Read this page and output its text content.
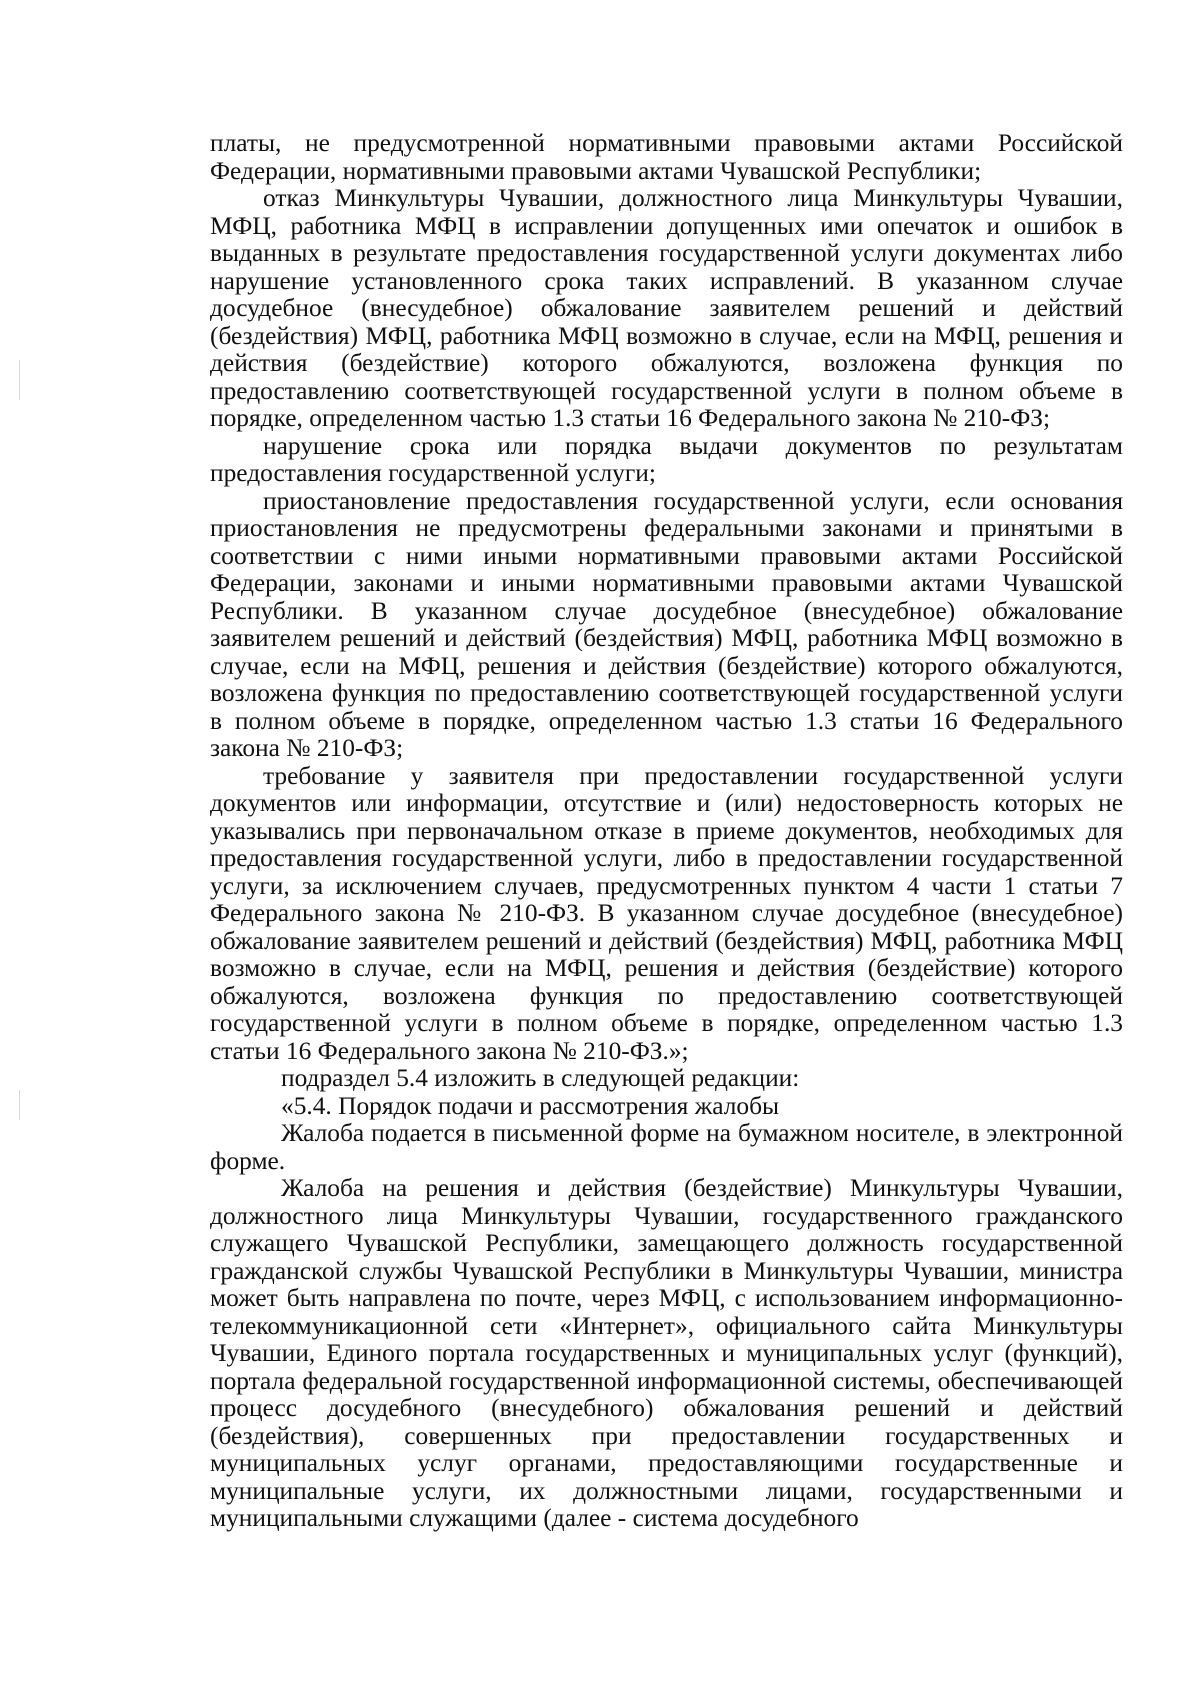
платы, не предусмотренной нормативными правовыми актами Российской Федерации, нормативными правовыми актами Чувашской Республики;

отказ Минкультуры Чувашии, должностного лица Минкультуры Чувашии, МФЦ, работника МФЦ в исправлении допущенных ими опечаток и ошибок в выданных в результате предоставления государственной услуги документах либо нарушение установленного срока таких исправлений. В указанном случае досудебное (внесудебное) обжалование заявителем решений и действий (бездействия) МФЦ, работника МФЦ возможно в случае, если на МФЦ, решения и действия (бездействие) которого обжалуются, возложена функция по предоставлению соответствующей государственной услуги в полном объеме в порядке, определенном частью 1.3 статьи 16 Федерального закона № 210-ФЗ;

нарушение срока или порядка выдачи документов по результатам предоставления государственной услуги;

приостановление предоставления государственной услуги, если основания приостановления не предусмотрены федеральными законами и принятыми в соответствии с ними иными нормативными правовыми актами Российской Федерации, законами и иными нормативными правовыми актами Чувашской Республики. В указанном случае досудебное (внесудебное) обжалование заявителем решений и действий (бездействия) МФЦ, работника МФЦ возможно в случае, если на МФЦ, решения и действия (бездействие) которого обжалуются, возложена функция по предоставлению соответствующей государственной услуги в полном объеме в порядке, определенном частью 1.3 статьи 16 Федерального закона № 210-ФЗ;

требование у заявителя при предоставлении государственной услуги документов или информации, отсутствие и (или) недостоверность которых не указывались при первоначальном отказе в приеме документов, необходимых для предоставления государственной услуги, либо в предоставлении государственной услуги, за исключением случаев, предусмотренных пунктом 4 части 1 статьи 7 Федерального закона № 210-ФЗ. В указанном случае досудебное (внесудебное) обжалование заявителем решений и действий (бездействия) МФЦ, работника МФЦ возможно в случае, если на МФЦ, решения и действия (бездействие) которого обжалуются, возложена функция по предоставлению соответствующей государственной услуги в полном объеме в порядке, определенном частью 1.3 статьи 16 Федерального закона № 210-ФЗ.»;

подраздел 5.4 изложить в следующей редакции:

«5.4. Порядок подачи и рассмотрения жалобы

Жалоба подается в письменной форме на бумажном носителе, в электронной форме.

Жалоба на решения и действия (бездействие) Минкультуры Чувашии, должностного лица Минкультуры Чувашии, государственного гражданского служащего Чувашской Республики, замещающего должность государственной гражданской службы Чувашской Республики в Минкультуры Чувашии, министра может быть направлена по почте, через МФЦ, с использованием информационно-телекоммуникационной сети «Интернет», официального сайта Минкультуры Чувашии, Единого портала государственных и муниципальных услуг (функций), портала федеральной государственной информационной системы, обеспечивающей процесс досудебного (внесудебного) обжалования решений и действий (бездействия), совершенных при предоставлении государственных и муниципальных услуг органами, предоставляющими государственные и муниципальные услуги, их должностными лицами, государственными и муниципальными служащими (далее - система досудебного
